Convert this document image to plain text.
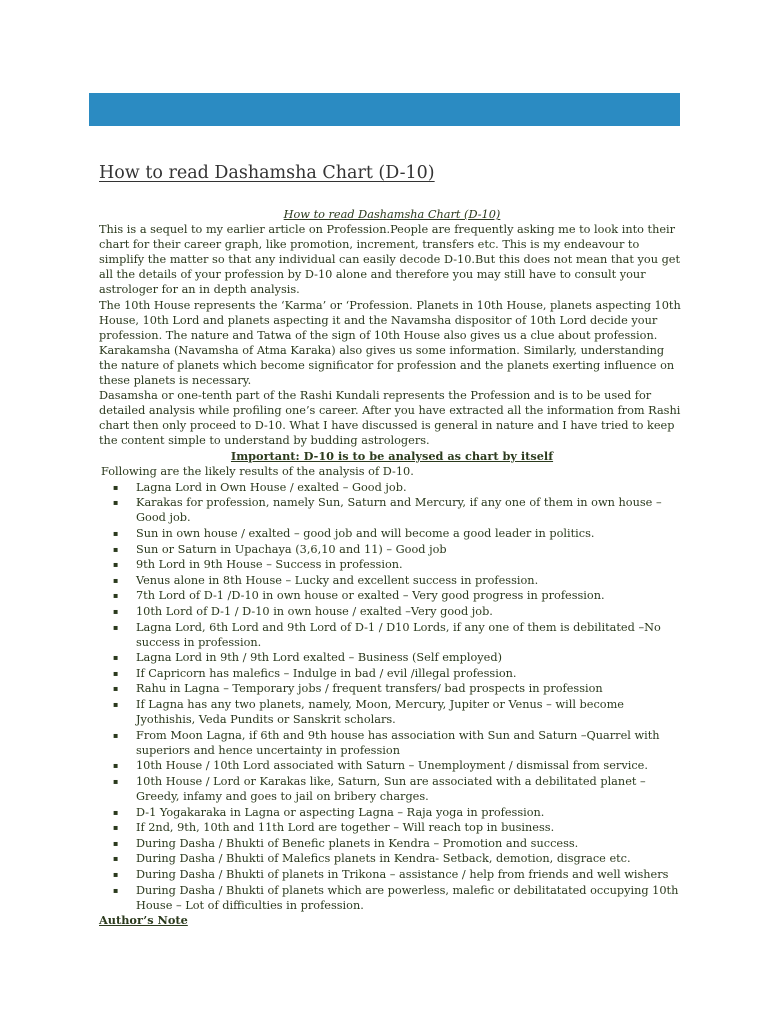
How to read Dashamsha Chart (D-10)

How to read Dashamsha Chart (D-10)

This is a sequel to my earlier article on Profession.People are frequently asking me to look into their chart for their career graph, like promotion, increment, transfers etc. This is my endeavour to simplify the matter so that any individual can easily decode D-10.But this does not mean that you get all the details of your profession by D-10 alone and therefore you may still have to consult your astrologer for an in depth analysis.

The 10th House represents the ‘Karma’ or ‘Profession. Planets in 10th House, planets aspecting 10th House, 10th Lord and planets aspecting it and the Navamsha dispositor of 10th Lord decide your profession. The nature and Tatwa of the sign of 10th House also gives us a clue about profession.

Karakamsha (Navamsha of Atma Karaka) also gives us some information. Similarly, understanding the nature of planets which become significator for profession and the planets exerting influence on these planets is necessary.

Dasamsha or one-tenth part of the Rashi Kundali represents the Profession and is to be used for detailed analysis while profiling one’s career. After you have extracted all the information from Rashi chart then only proceed to D-10. What I have discussed is general in nature and I have tried to keep the content simple to understand by budding astrologers.

Important: D-10 is to be analysed as chart by itself

Following are the likely results of the analysis of D-10.

▪ Lagna Lord in Own House / exalted – Good job.
▪ Karakas for profession, namely Sun, Saturn and Mercury, if any one of them in own house – Good job.
▪ Sun in own house / exalted – good job and will become a good leader in politics.
▪ Sun or Saturn in Upachaya (3,6,10 and 11) – Good job
▪ 9th Lord in 9th House – Success in profession.
▪ Venus alone in 8th House – Lucky and excellent success in profession.
▪ 7th Lord of D-1 /D-10 in own house or exalted – Very good progress in profession.
▪ 10th Lord of D-1 / D-10 in own house / exalted –Very good job.
▪ Lagna Lord, 6th Lord and 9th Lord of D-1 / D10 Lords, if any one of them is debilitated –No success in profession.
▪ Lagna Lord in 9th / 9th Lord exalted – Business (Self employed)
▪ If Capricorn has malefics – Indulge in bad / evil /illegal profession.
▪ Rahu in Lagna – Temporary jobs / frequent transfers/ bad prospects in profession
▪ If Lagna has any two planets, namely, Moon, Mercury, Jupiter or Venus – will become Jyothishis, Veda Pundits or Sanskrit scholars.
▪ From Moon Lagna, if 6th and 9th house has association with Sun and Saturn –Quarrel with superiors and hence uncertainty in profession
▪ 10th House / 10th Lord associated with Saturn – Unemployment / dismissal from service.
▪ 10th House / Lord or Karakas like, Saturn, Sun are associated with a debilitated planet – Greedy, infamy and goes to jail on bribery charges.
▪ D-1 Yogakaraka in Lagna or aspecting Lagna – Raja yoga in profession.
▪ If 2nd, 9th, 10th and 11th Lord are together – Will reach top in business.
▪ During Dasha / Bhukti of Benefic planets in Kendra – Promotion and success.
▪ During Dasha / Bhukti of Malefics planets in Kendra- Setback, demotion, disgrace etc.
▪ During Dasha / Bhukti of planets in Trikona – assistance / help from friends and well wishers
▪ During Dasha / Bhukti of planets which are powerless, malefic or debilitatated occupying 10th House – Lot of difficulties in profession.

Author’s Note
